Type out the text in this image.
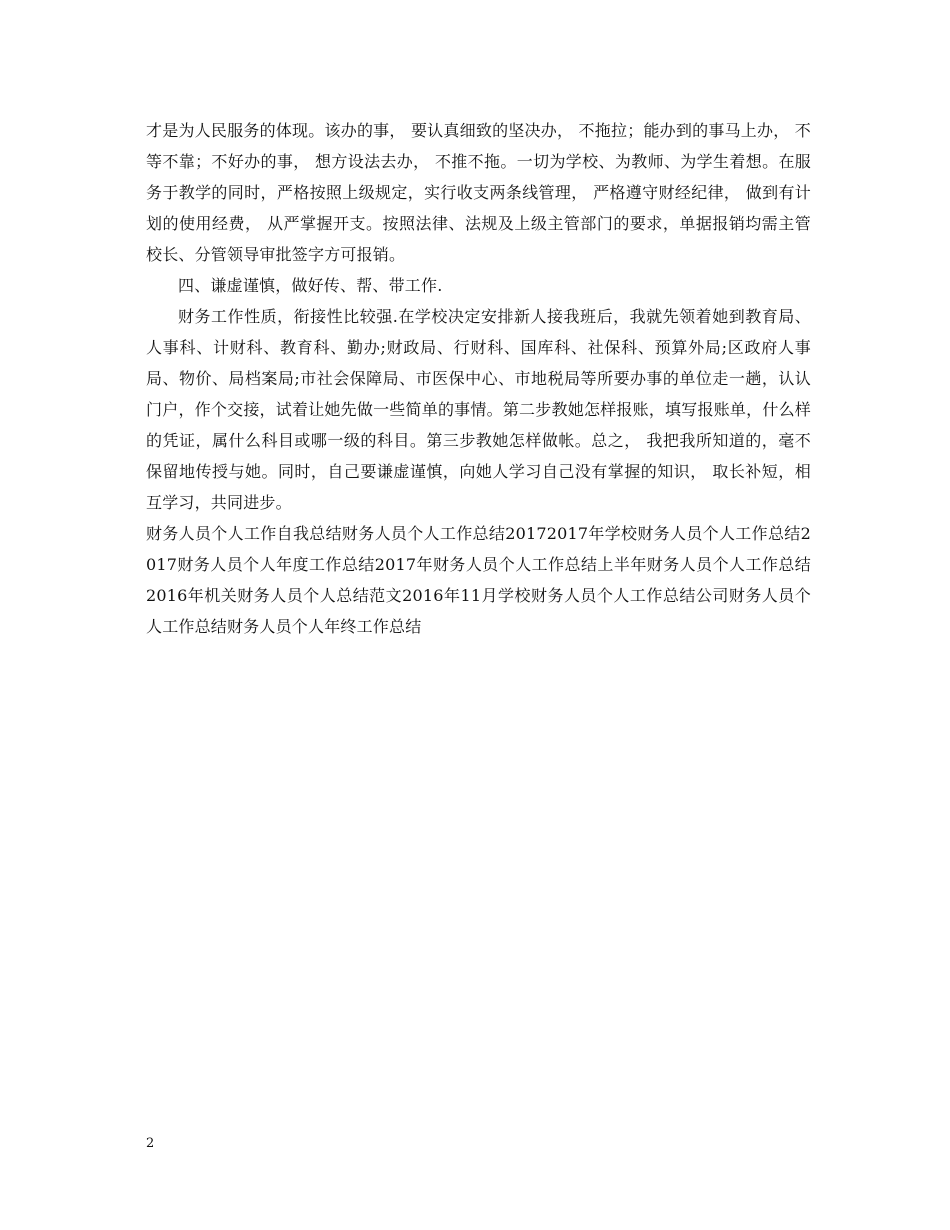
才是为人民服务的体现。该办的事， 要认真细致的坚决办， 不拖拉；能办到的事马上办， 不等不靠；不好办的事， 想方设法去办， 不推不拖。一切为学校、为教师、为学生着想。在服务于教学的同时，严格按照上级规定，实行收支两条线管理， 严格遵守财经纪律， 做到有计划的使用经费， 从严掌握开支。按照法律、法规及上级主管部门的要求，单据报销均需主管校长、分管领导审批签字方可报销。

四、谦虚谨慎，做好传、帮、带工作.

财务工作性质，衔接性比较强.在学校决定安排新人接我班后，我就先领着她到教育局、人事科、计财科、教育科、勤办;财政局、行财科、国库科、社保科、预算外局;区政府人事局、物价、局档案局;市社会保障局、市医保中心、市地税局等所要办事的单位走一趟，认认门户，作个交接，试着让她先做一些简单的事情。第二步教她怎样报账，填写报账单，什么样的凭证，属什么科目或哪一级的科目。第三步教她怎样做帐。总之， 我把我所知道的，毫不保留地传授与她。同时，自己要谦虚谨慎，向她人学习自己没有掌握的知识， 取长补短，相互学习，共同进步。

财务人员个人工作自我总结财务人员个人工作总结20172017年学校财务人员个人工作总结2017财务人员个人年度工作总结2017年财务人员个人工作总结上半年财务人员个人工作总结2016年机关财务人员个人总结范文2016年11月学校财务人员个人工作总结公司财务人员个人工作总结财务人员个人年终工作总结

2
